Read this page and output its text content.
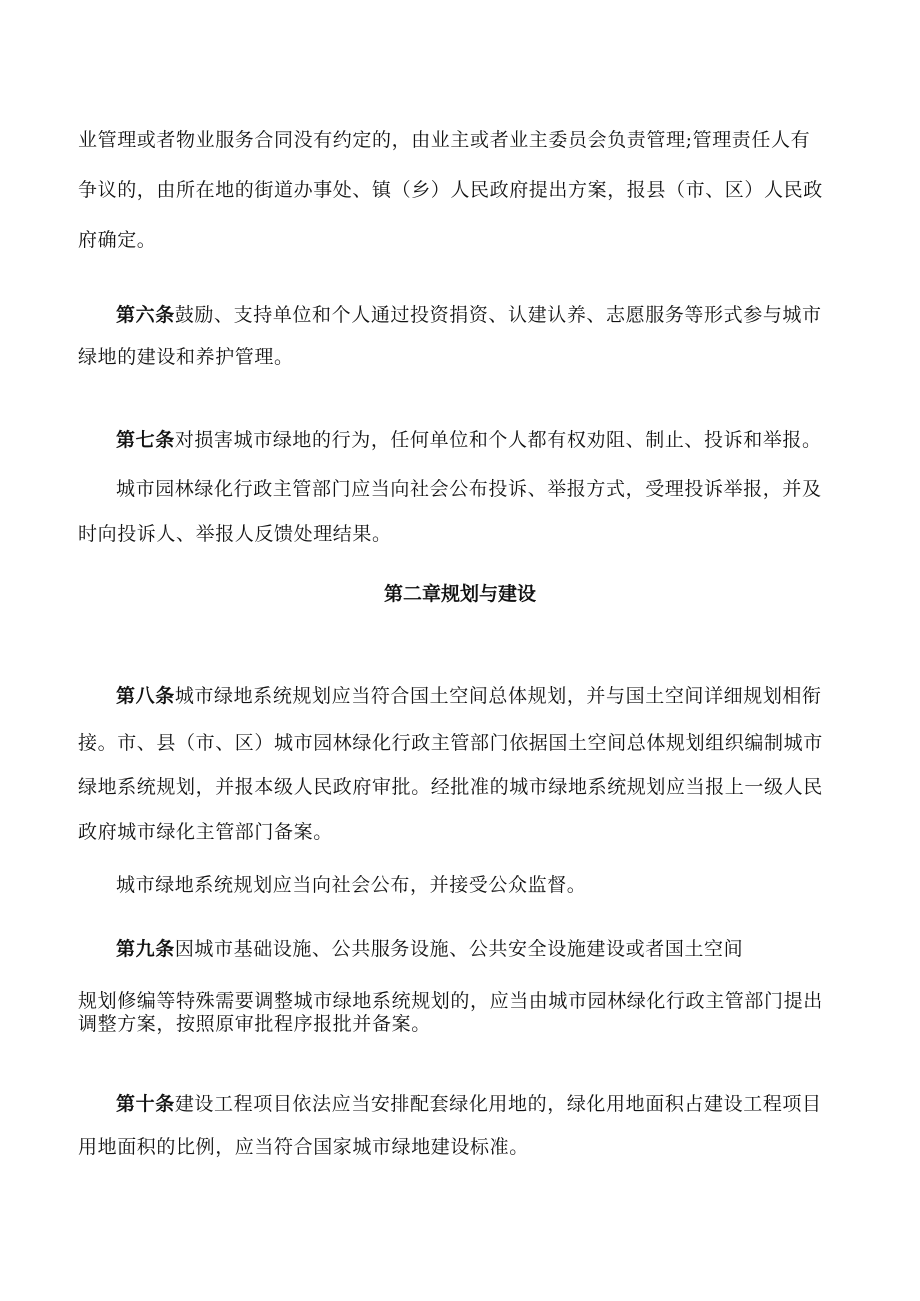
业管理或者物业服务合同没有约定的，由业主或者业主委员会负责管理;管理责任人有
争议的，由所在地的街道办事处、镇（乡）人民政府提出方案，报县（市、区）人民政
府确定。
第六条鼓励、支持单位和个人通过投资捐资、认建认养、志愿服务等形式参与城市
绿地的建设和养护管理。
第七条对损害城市绿地的行为，任何单位和个人都有权劝阻、制止、投诉和举报。
城市园林绿化行政主管部门应当向社会公布投诉、举报方式，受理投诉举报，并及
时向投诉人、举报人反馈处理结果。
第二章规划与建设
第八条城市绿地系统规划应当符合国土空间总体规划，并与国土空间详细规划相衔
接。市、县（市、区）城市园林绿化行政主管部门依据国土空间总体规划组织编制城市
绿地系统规划，并报本级人民政府审批。经批准的城市绿地系统规划应当报上一级人民
政府城市绿化主管部门备案。
城市绿地系统规划应当向社会公布，并接受公众监督。
第九条因城市基础设施、公共服务设施、公共安全设施建设或者国土空间
规划修编等特殊需要调整城市绿地系统规划的，应当由城市园林绿化行政主管部门提出
调整方案，按照原审批程序报批并备案。
第十条建设工程项目依法应当安排配套绿化用地的，绿化用地面积占建设工程项目
用地面积的比例，应当符合国家城市绿地建设标准。
